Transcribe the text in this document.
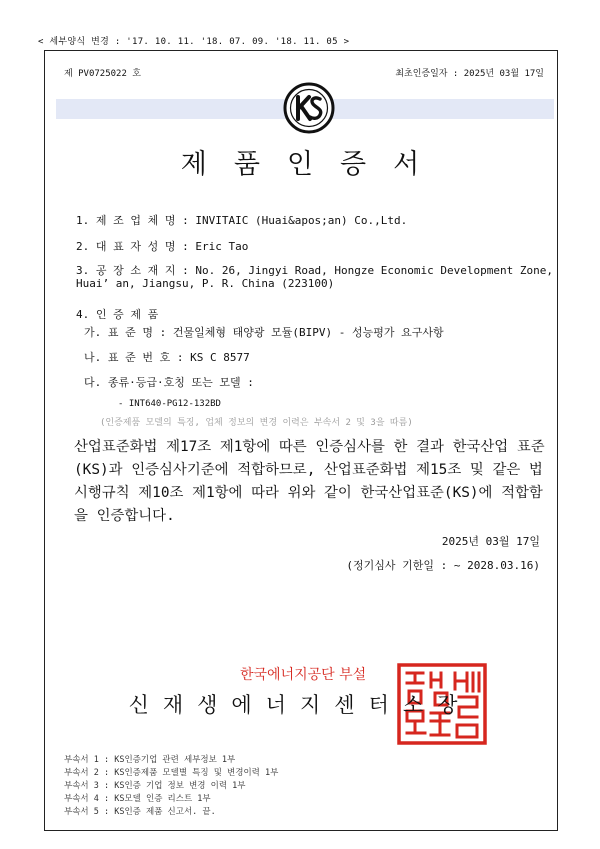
< 세부양식 변경 : '17. 10. 11. '18. 07. 09. '18. 11. 05 >
제 PV0725022 호	최초인증일자 : 2025년 03월 17일
제품인증서
1. 제 조 업 체 명 : INVITAIC (Huai&apos;an) Co.,Ltd.
2. 대 표 자 성 명 : Eric Tao
3. 공 장 소 재 지 : No. 26, Jingyi Road, Hongze Economic Development Zone,
Huai’ an, Jiangsu, P. R. China (223100)
4. 인 증 제 품
가. 표 준 명 : 건물일체형 태양광 모듈(BIPV) - 성능평가 요구사항
나. 표 준 번 호 : KS C 8577
다. 종류·등급·호칭 또는 모델 :
- INT640-PG12-132BD
(인증제품 모델의 특징, 업체 정보의 변경 이력은 부속서 2 및 3을 따름)
산업표준화법 제17조 제1항에 따른 인증심사를 한 결과 한국산업 표준
(KS)과 인증심사기준에 적합하므로, 산업표준화법 제15조 및 같은 법
시행규칙 제10조 제1항에 따라 위와 같이 한국산업표준(KS)에 적합함
을 인증합니다.
2025년 03월 17일
(정기심사 기한일 : ~ 2028.03.16)
한국에너지공단 부설
신재생에너지센터소장
부속서 1 : KS인증기업 관련 세부정보 1부
부속서 2 : KS인증제품 모델별 특징 및 변경이력 1부
부속서 3 : KS인증 기업 정보 변경 이력 1부
부속서 4 : KS모델 인증 리스트 1부
부속서 5 : KS인증 제품 신고서. 끝.
